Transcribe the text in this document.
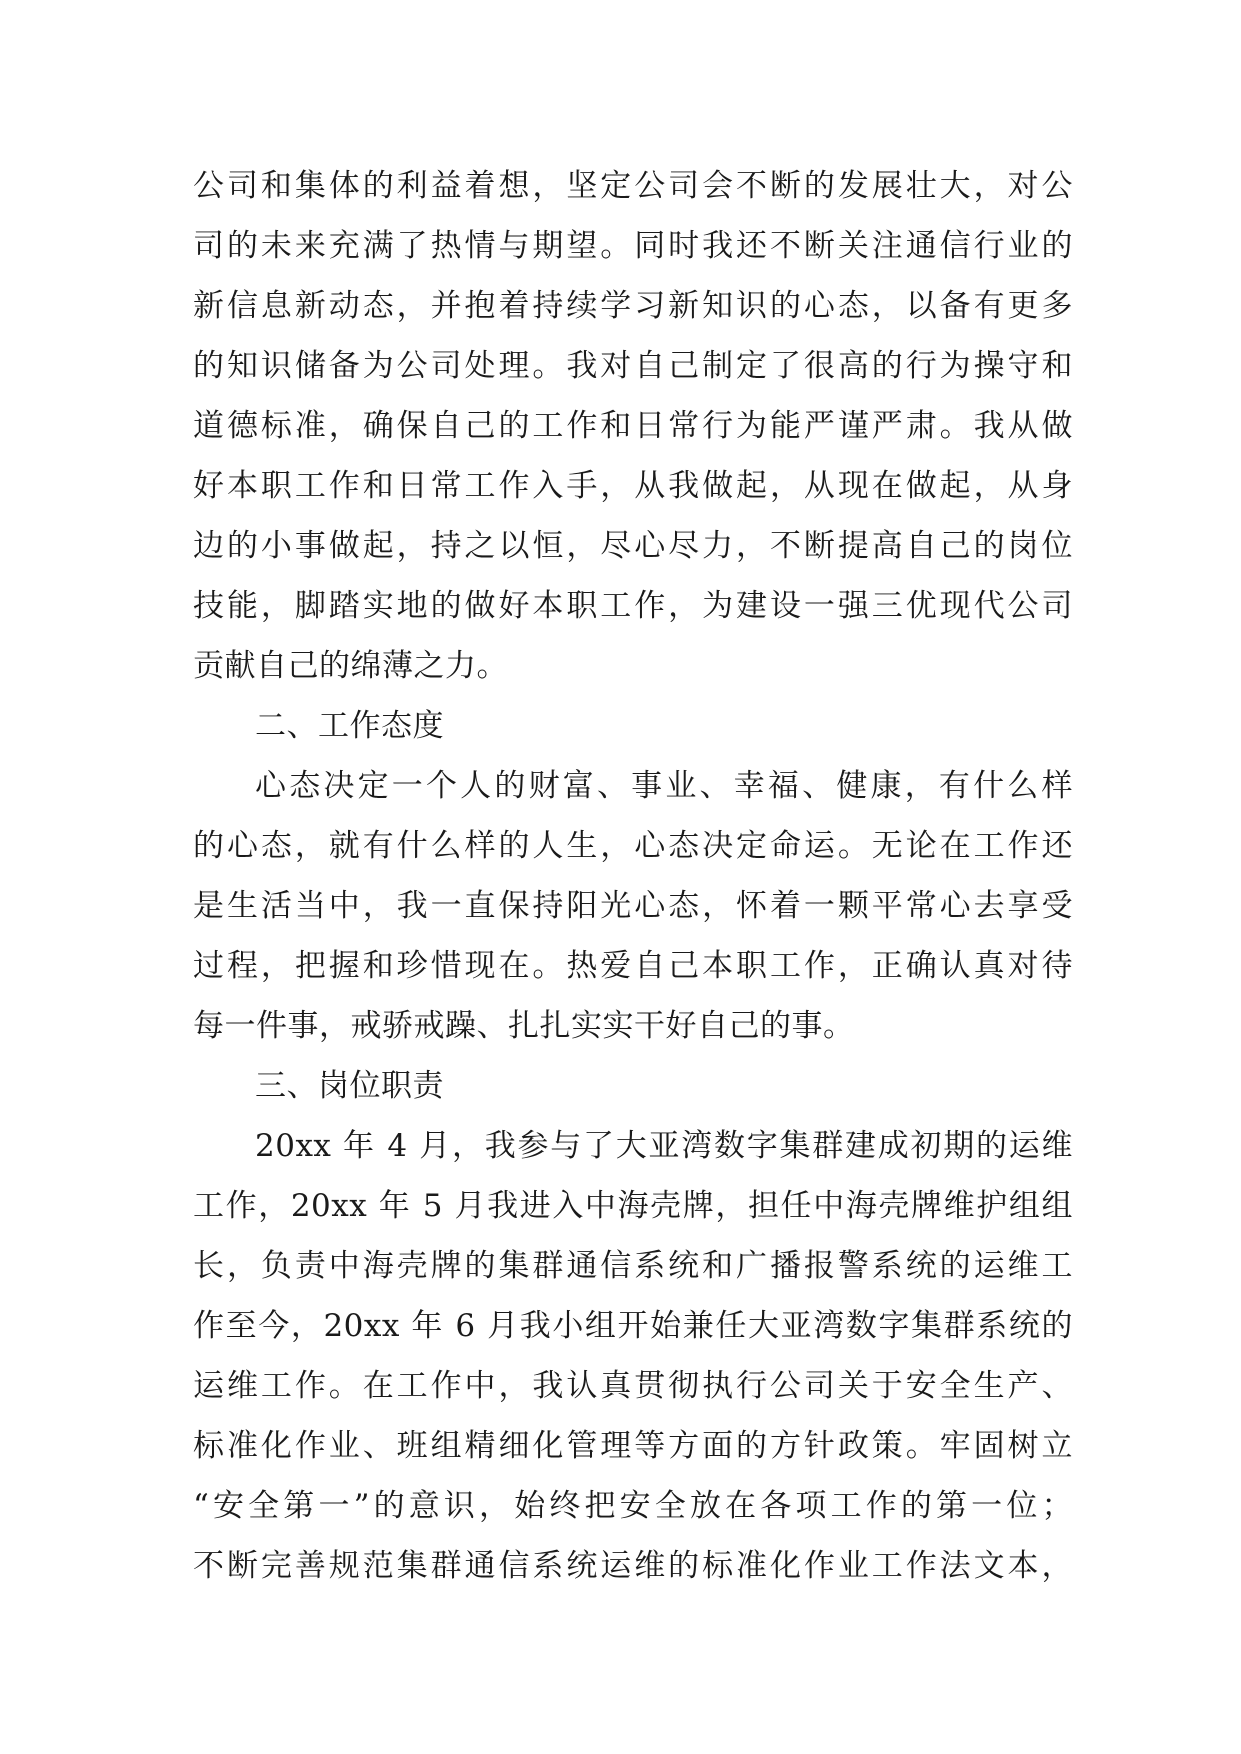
公司和集体的利益着想，坚定公司会不断的发展壮大，对公
司的未来充满了热情与期望。同时我还不断关注通信行业的
新信息新动态，并抱着持续学习新知识的心态，以备有更多
的知识储备为公司处理。我对自己制定了很高的行为操守和
道德标准，确保自己的工作和日常行为能严谨严肃。我从做
好本职工作和日常工作入手，从我做起，从现在做起，从身
边的小事做起，持之以恒，尽心尽力，不断提高自己的岗位
技能，脚踏实地的做好本职工作，为建设一强三优现代公司
贡献自己的绵薄之力。
二、工作态度
心态决定一个人的财富、事业、幸福、健康，有什么样
的心态，就有什么样的人生，心态决定命运。无论在工作还
是生活当中，我一直保持阳光心态，怀着一颗平常心去享受
过程，把握和珍惜现在。热爱自己本职工作，正确认真对待
每一件事，戒骄戒躁、扎扎实实干好自己的事。
三、岗位职责
20xx 年 4 月，我参与了大亚湾数字集群建成初期的运维
工作，20xx 年 5 月我进入中海壳牌，担任中海壳牌维护组组
长，负责中海壳牌的集群通信系统和广播报警系统的运维工
作至今，20xx 年 6 月我小组开始兼任大亚湾数字集群系统的
运维工作。在工作中，我认真贯彻执行公司关于安全生产、
标准化作业、班组精细化管理等方面的方针政策。牢固树立
“安全第一”的意识，始终把安全放在各项工作的第一位；
不断完善规范集群通信系统运维的标准化作业工作法文本，
